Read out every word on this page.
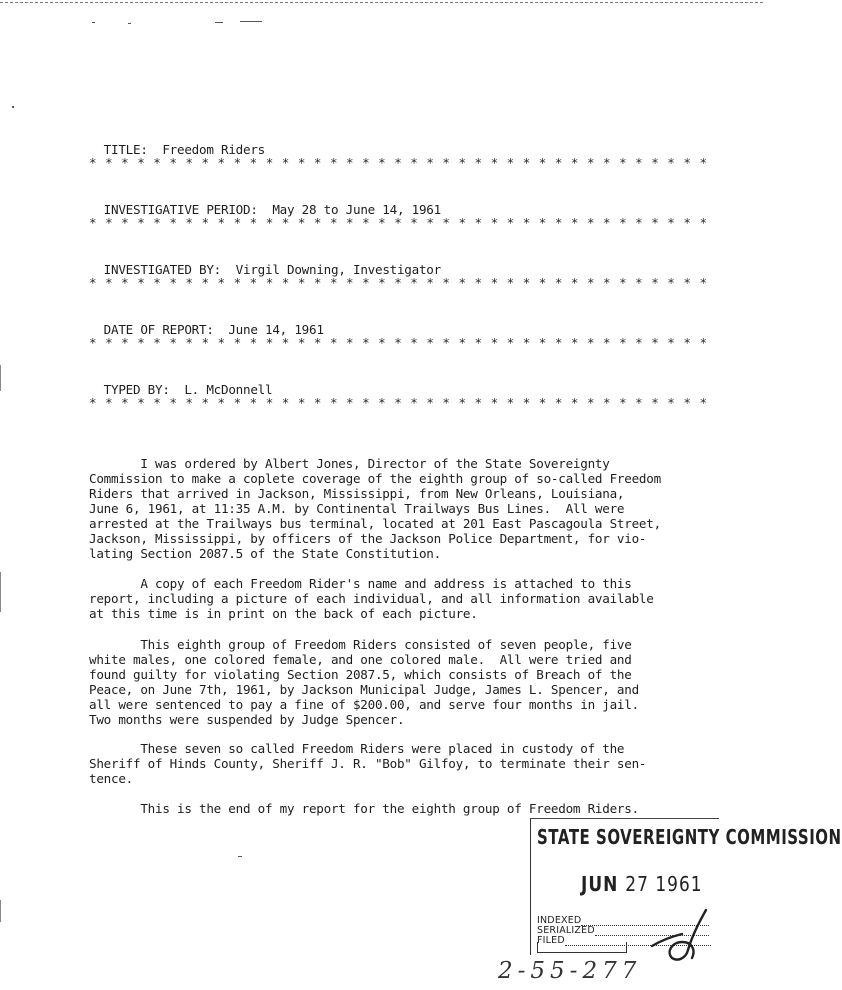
TITLE: Freedom Riders

* * * * * * * * * * * * * * * * * * * * * * * * * * * * * * * * * * * * * * *

INVESTIGATIVE PERIOD: May 28 to June 14, 1961

* * * * * * * * * * * * * * * * * * * * * * * * * * * * * * * * * * * * * * *

INVESTIGATED BY: Virgil Downing, Investigator

* * * * * * * * * * * * * * * * * * * * * * * * * * * * * * * * * * * * * * *

DATE OF REPORT: June 14, 1961

* * * * * * * * * * * * * * * * * * * * * * * * * * * * * * * * * * * * * * *

TYPED BY: L. McDonnell

* * * * * * * * * * * * * * * * * * * * * * * * * * * * * * * * * * * * * * *
I was ordered by Albert Jones, Director of the State Sovereignty
Commission to make a coplete coverage of the eighth group of so-called Freedom
Riders that arrived in Jackson, Mississippi, from New Orleans, Louisiana,
June 6, 1961, at 11:35 A.M. by Continental Trailways Bus Lines.  All were
arrested at the Trailways bus terminal, located at 201 East Pascagoula Street,
Jackson, Mississippi, by officers of the Jackson Police Department, for vio-
lating Section 2087.5 of the State Constitution.
A copy of each Freedom Rider's name and address is attached to this
report, including a picture of each individual, and all information available
at this time is in print on the back of each picture.
This eighth group of Freedom Riders consisted of seven people, five
white males, one colored female, and one colored male.  All were tried and
found guilty for violating Section 2087.5, which consists of Breach of the
Peace, on June 7th, 1961, by Jackson Municipal Judge, James L. Spencer, and
all were sentenced to pay a fine of $200.00, and serve four months in jail.
Two months were suspended by Judge Spencer.
These seven so called Freedom Riders were placed in custody of the
Sheriff of Hinds County, Sheriff J. R. "Bob" Gilfoy, to terminate their sen-
tence.
This is the end of my report for the eighth group of Freedom Riders.
STATE SOVEREIGNTY COMMISSION
JUN 27 1961
INDEXED
SERIALIZED
FILED
2-55-277
